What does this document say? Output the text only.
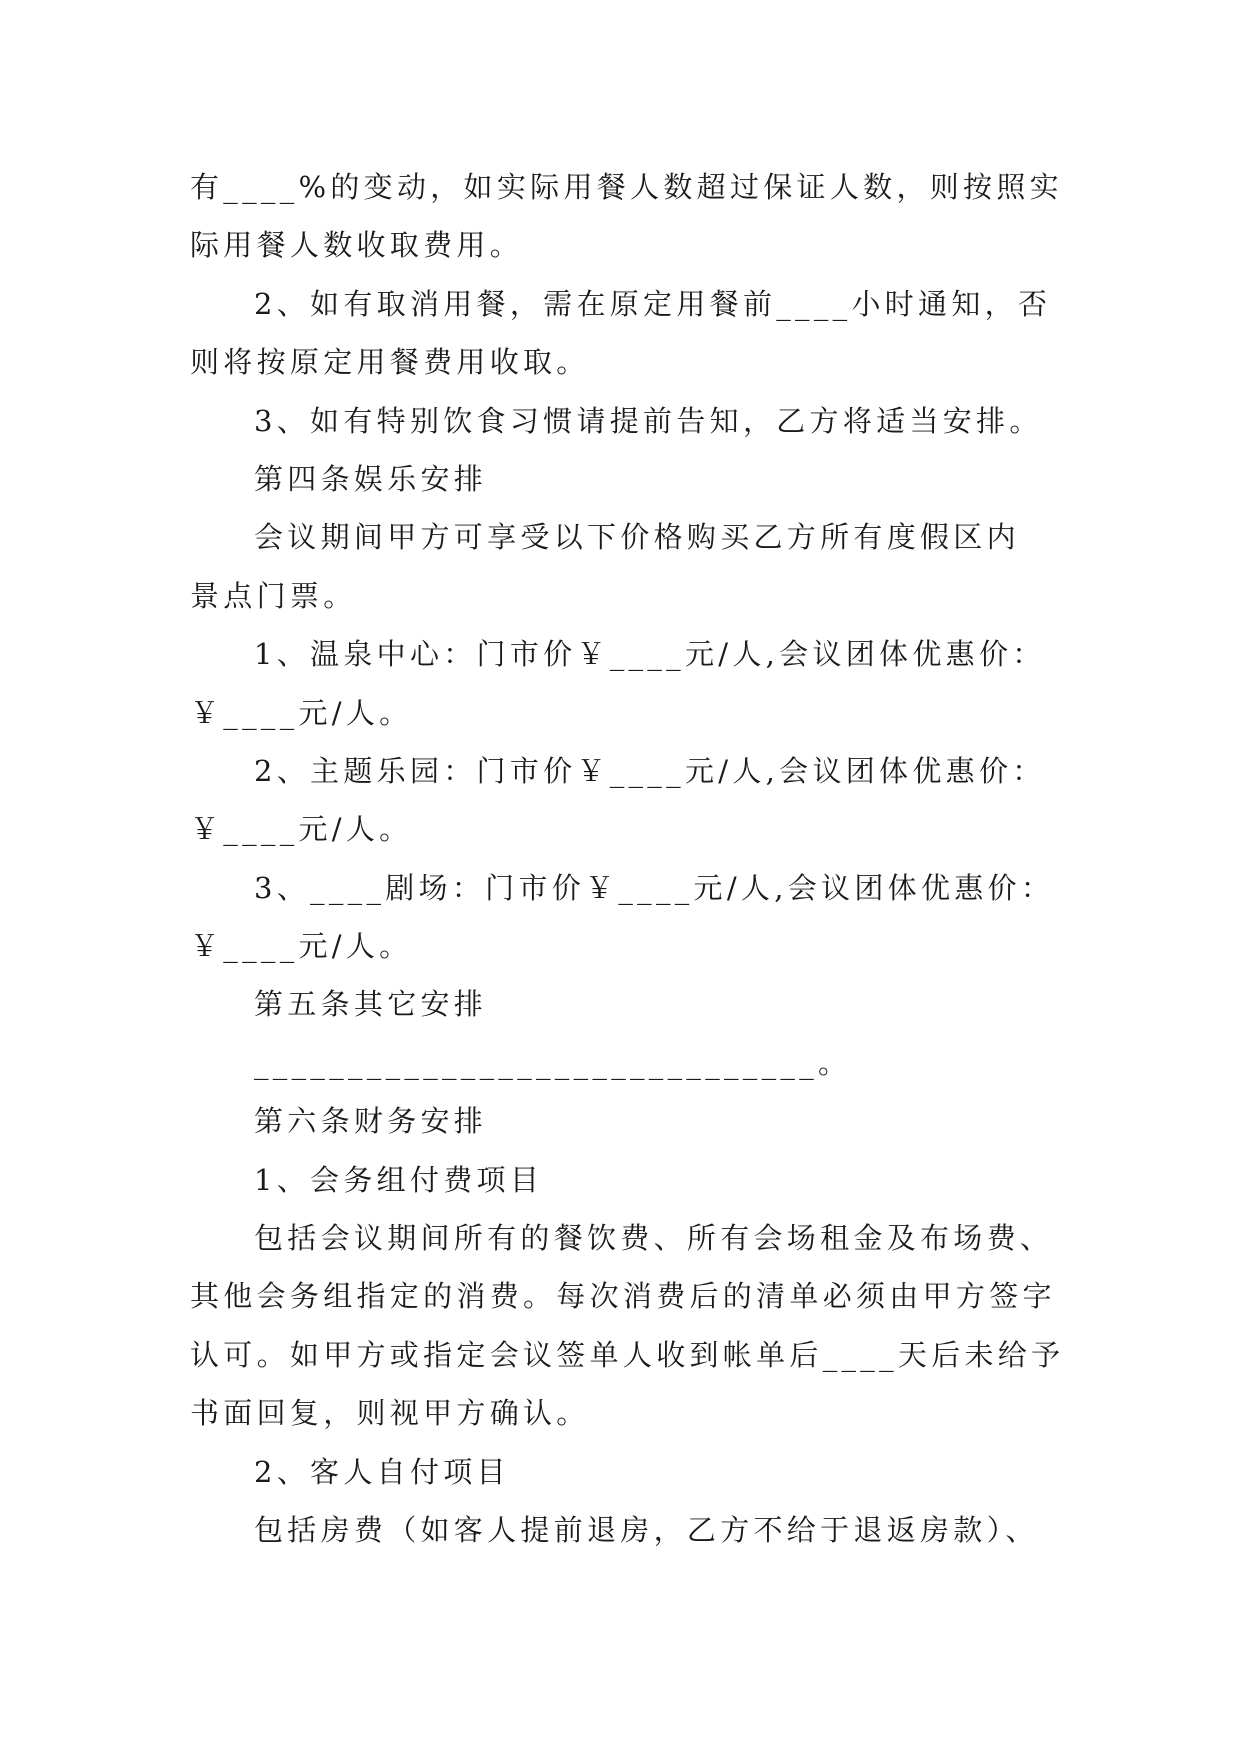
有____%的变动，如实际用餐人数超过保证人数，则按照实
际用餐人数收取费用。
2、如有取消用餐，需在原定用餐前____小时通知，否
则将按原定用餐费用收取。
3、如有特别饮食习惯请提前告知，乙方将适当安排。
第四条娱乐安排
会议期间甲方可享受以下价格购买乙方所有度假区内
景点门票。
1、温泉中心：门市价￥____元/人,会议团体优惠价：
￥____元/人。
2、主题乐园：门市价￥____元/人,会议团体优惠价：
￥____元/人。
3、____剧场：门市价￥____元/人,会议团体优惠价：
￥____元/人。
第五条其它安排
______________________________。
第六条财务安排
1、会务组付费项目
包括会议期间所有的餐饮费、所有会场租金及布场费、
其他会务组指定的消费。每次消费后的清单必须由甲方签字
认可。如甲方或指定会议签单人收到帐单后____天后未给予
书面回复，则视甲方确认。
2、客人自付项目
包括房费（如客人提前退房，乙方不给于退返房款）、
